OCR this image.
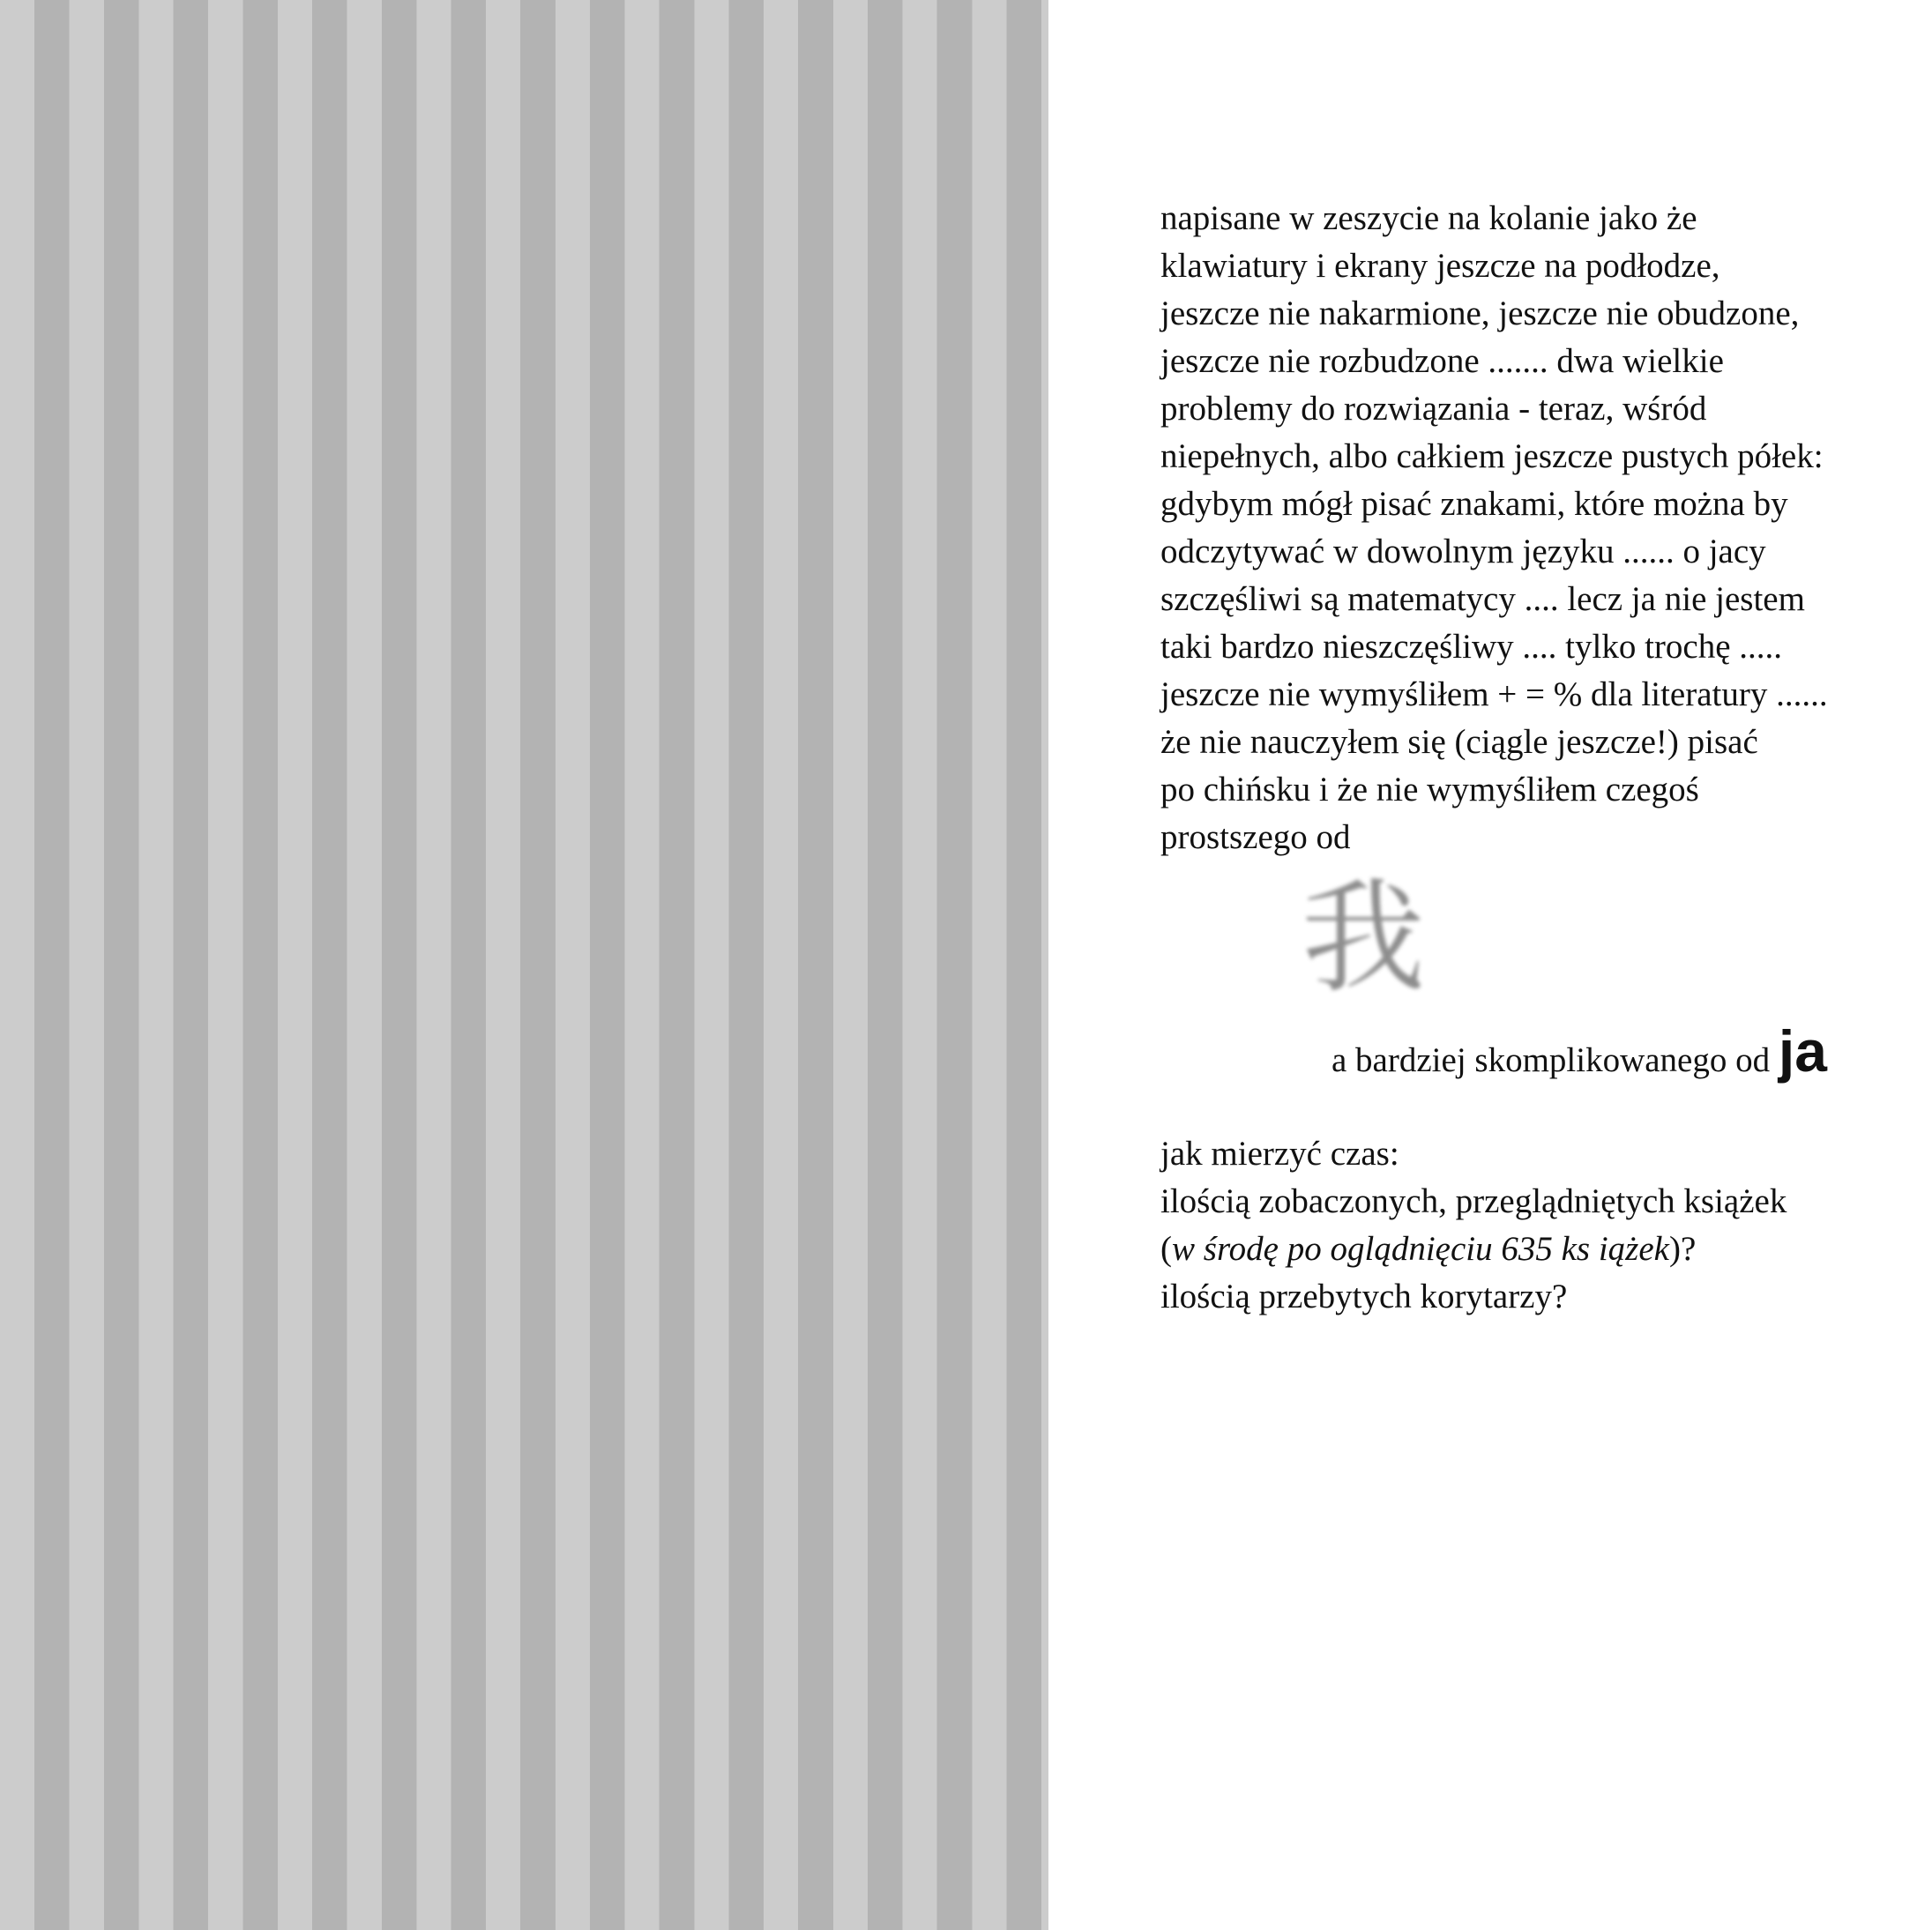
napisane w zeszycie na kolanie jako że
klawiatury i ekrany jeszcze na podłodze,
jeszcze nie nakarmione, jeszcze nie obudzone,
jeszcze nie rozbudzone ....... dwa wielkie
problemy do rozwiązania - teraz, wśród
niepełnych, albo całkiem jeszcze pustych półek:
gdybym mógł pisać znakami, które można by
odczytywać w dowolnym języku ...... o jacy
szczęśliwi są matematycy .... lecz ja nie jestem
taki bardzo nieszczęśliwy .... tylko trochę .....
jeszcze nie wymyśliłem + = % dla literatury ......
że nie nauczyłem się (ciągle jeszcze!) pisać
po chińsku i że nie wymyśliłem czegoś
prostszego od
我
a bardziej skomplikowanego od ja
jak mierzyć czas:
ilością zobaczonych, przeglądniętych książek
(w środę po oglądnięciu 635 ks iążek)?
ilością przebytych korytarzy?
